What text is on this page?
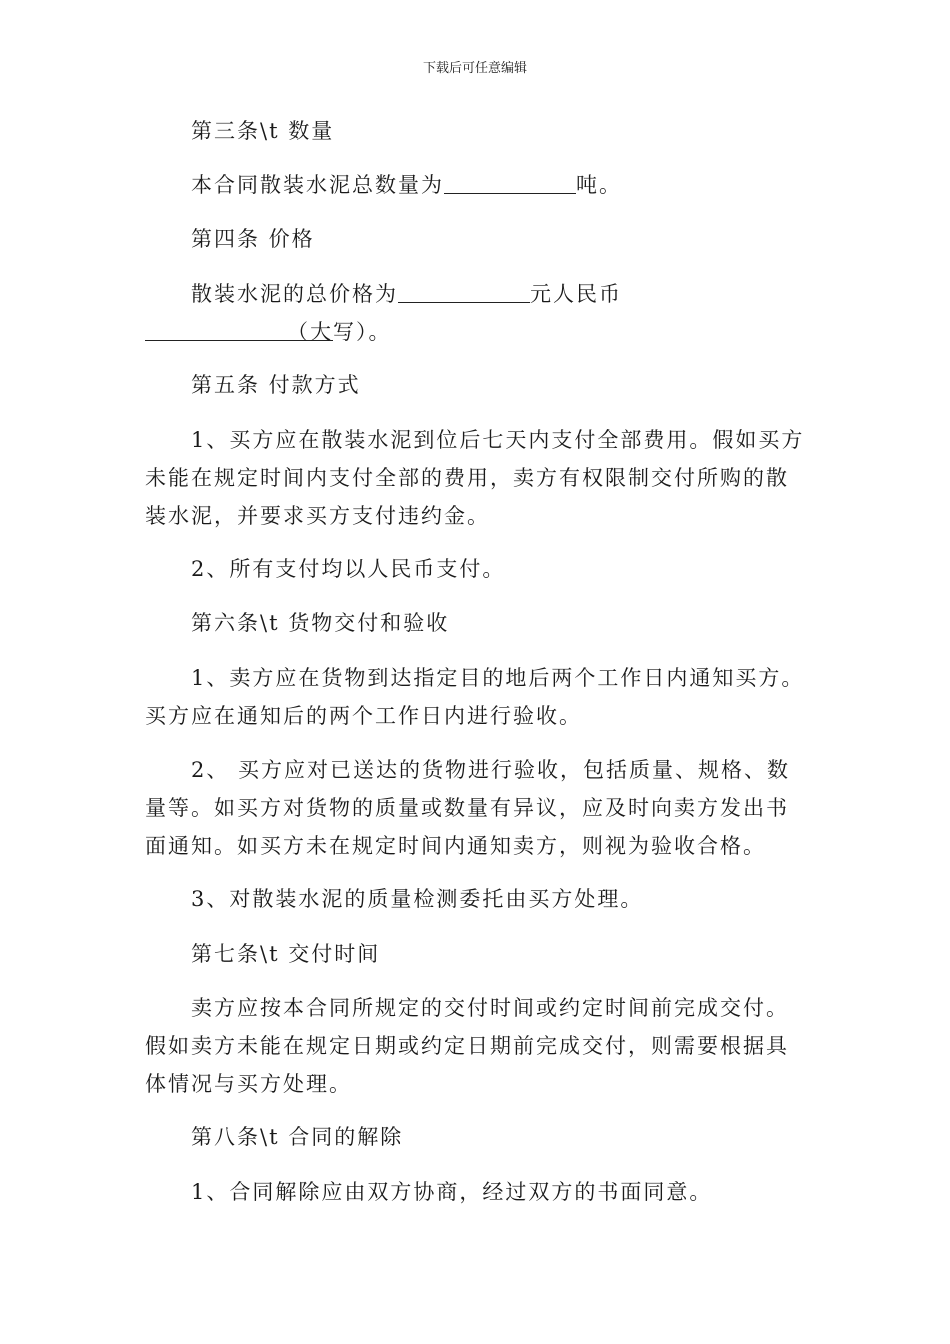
下载后可任意编辑

第三条\t 数量

本合同散装水泥总数量为	吨。

第四条 价格

散装水泥的总价格为	元人民币（大写）。

第五条 付款方式

1、买方应在散装水泥到位后七天内支付全部费用。假如买方未能在规定时间内支付全部的费用，卖方有权限制交付所购的散装水泥，并要求买方支付违约金。

2、所有支付均以人民币支付。

第六条\t 货物交付和验收

1、卖方应在货物到达指定目的地后两个工作日内通知买方。买方应在通知后的两个工作日内进行验收。

2、 买方应对已送达的货物进行验收，包括质量、规格、数量等。如买方对货物的质量或数量有异议，应及时向卖方发出书面通知。如买方未在规定时间内通知卖方，则视为验收合格。

3、对散装水泥的质量检测委托由买方处理。

第七条\t 交付时间

卖方应按本合同所规定的交付时间或约定时间前完成交付。假如卖方未能在规定日期或约定日期前完成交付，则需要根据具体情况与买方处理。

第八条\t 合同的解除

1、合同解除应由双方协商，经过双方的书面同意。
